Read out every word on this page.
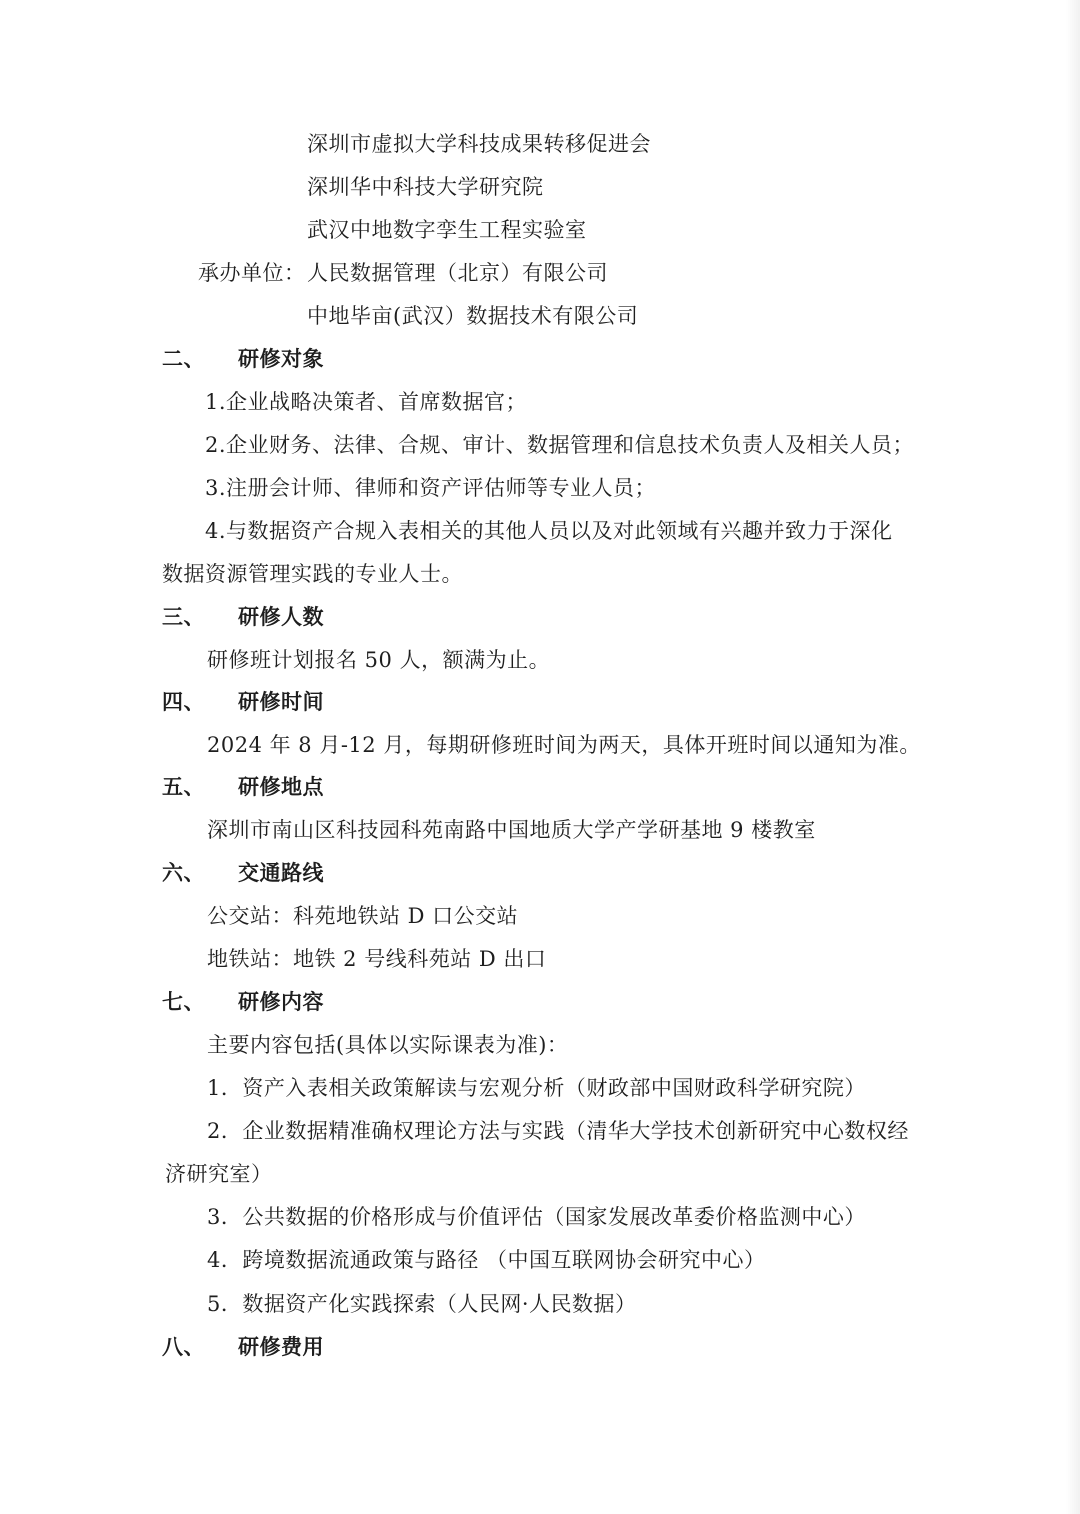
深圳市虚拟大学科技成果转移促进会
深圳华中科技大学研究院
武汉中地数字孪生工程实验室
承办单位： 人民数据管理（北京）有限公司
中地毕亩(武汉）数据技术有限公司
二、 研修对象
1.企业战略决策者、首席数据官；
2.企业财务、法律、合规、审计、数据管理和信息技术负责人及相关人员；
3.注册会计师、律师和资产评估师等专业人员；
4.与数据资产合规入表相关的其他人员以及对此领域有兴趣并致力于深化
数据资源管理实践的专业人士。
三、 研修人数
研修班计划报名 50 人，额满为止。
四、 研修时间
2024 年 8 月-12 月，每期研修班时间为两天，具体开班时间以通知为准。
五、 研修地点
深圳市南山区科技园科苑南路中国地质大学产学研基地 9 楼教室
六、 交通路线
公交站：科苑地铁站 D 口公交站
地铁站：地铁 2 号线科苑站 D 出口
七、 研修内容
主要内容包括(具体以实际课表为准)：
1．资产入表相关政策解读与宏观分析（财政部中国财政科学研究院）
2．企业数据精准确权理论方法与实践（清华大学技术创新研究中心数权经
济研究室）
3．公共数据的价格形成与价值评估（国家发展改革委价格监测中心）
4．跨境数据流通政策与路径 （中国互联网协会研究中心）
5．数据资产化实践探索（人民网·人民数据）
八、 研修费用
